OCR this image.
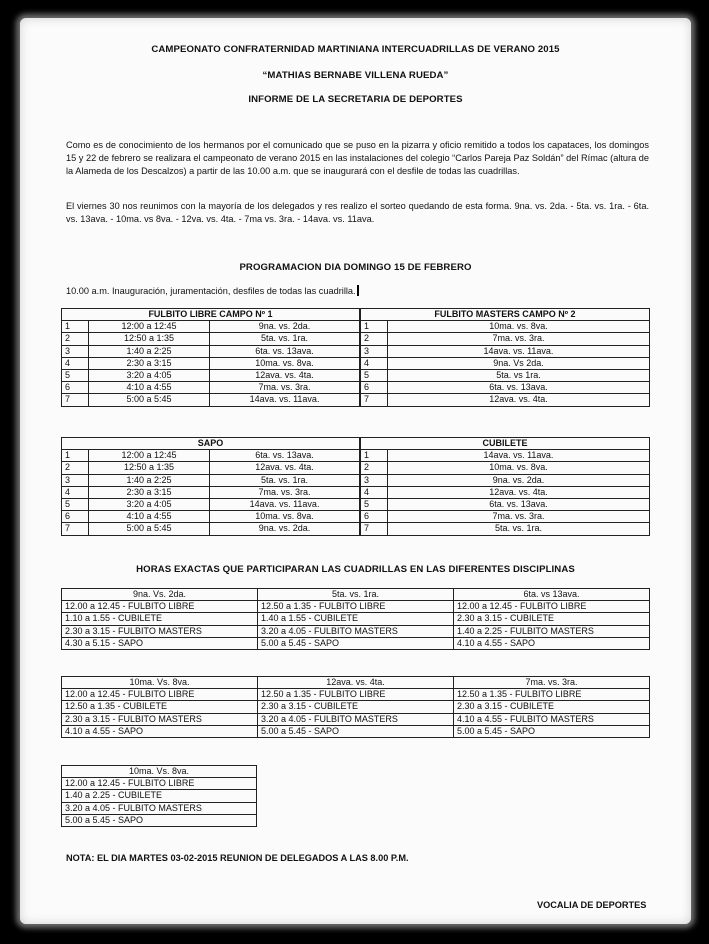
CAMPEONATO CONFRATERNIDAD MARTINIANA INTERCUADRILLAS DE VERANO 2015
“MATHIAS BERNABE VILLENA RUEDA”
INFORME DE LA SECRETARIA DE DEPORTES
Como es de conocimiento de los hermanos por el comunicado que se puso en la pizarra y oficio remitido a todos los capataces, los domingos 15 y 22 de febrero se realizara el campeonato de verano 2015 en las instalaciones del colegio “Carlos Pareja Paz Soldán” del Rímac (altura de la Alameda de los Descalzos) a partir de las 10.00 a.m. que se inaugurará con el desfile de todas las cuadrillas.
El viernes 30 nos reunimos con la mayoría de los delegados y res realizo el sorteo quedando de esta forma. 9na. vs. 2da. - 5ta. vs. 1ra. - 6ta. vs. 13ava. - 10ma. vs 8va. - 12va. vs. 4ta. - 7ma vs. 3ra. - 14ava. vs. 11ava.
PROGRAMACION DIA DOMINGO 15 DE FEBRERO
10.00 a.m. Inauguración, juramentación, desfiles de todas las cuadrilla.
FULBITO LIBRE CAMPO Nº 1		
1	12:00 a 12:45	9na. vs. 2da.
2	12:50 a 1:35	5ta. vs. 1ra.
3	1:40 a 2:25	6ta. vs. 13ava.
4	2:30 a 3:15	10ma. vs. 8va.
5	3:20 a 4:05	12ava. vs. 4ta.
6	4:10 a 4:55	7ma. vs. 3ra.
7	5:00 a 5:45	14ava. vs. 11ava.
FULBITO MASTERS CAMPO Nº 2	
1	10ma. vs. 8va.
2	7ma. vs. 3ra.
3	14ava. vs. 11ava.
4	9na. Vs 2da.
5	5ta. vs 1ra.
6	6ta. vs. 13ava.
7	12ava. vs. 4ta.
SAPO		
1	12:00 a 12:45	6ta. vs. 13ava.
2	12:50 a 1:35	12ava. vs. 4ta.
3	1:40 a 2:25	5ta. vs. 1ra.
4	2:30 a 3:15	7ma. vs. 3ra.
5	3:20 a 4:05	14ava. vs. 11ava.
6	4:10 a 4:55	10ma. vs. 8va.
7	5:00 a 5:45	9na. vs. 2da.
CUBILETE	
1	14ava. vs. 11ava.
2	10ma. vs. 8va.
3	9na. vs. 2da.
4	12ava. vs. 4ta.
5	6ta. vs. 13ava.
6	7ma. vs. 3ra.
7	5ta. vs. 1ra.
HORAS EXACTAS QUE PARTICIPARAN LAS CUADRILLAS EN LAS DIFERENTES DISCIPLINAS
9na. Vs. 2da.	5ta. vs. 1ra.	6ta. vs 13ava.
12.00 a 12.45 - FULBITO LIBRE	12.50 a 1.35 - FULBITO LIBRE	12.00 a 12.45 - FULBITO LIBRE
1.10 a 1.55 - CUBILETE	1.40 a 1.55 - CUBILETE	2.30 a 3.15 - CUBILETE
2.30 a 3.15 - FULBITO MASTERS	3.20 a 4.05 - FULBITO MASTERS	1.40 a 2.25 - FULBITO MASTERS
4.30 a 5.15 - SAPO	5.00 a 5.45 - SAPO	4.10 a 4.55 - SAPO
10ma. Vs. 8va.	12ava. vs. 4ta.	7ma. vs. 3ra.
12.00 a 12.45 - FULBITO LIBRE	12.50 a 1.35 - FULBITO LIBRE	12.50 a 1.35 - FULBITO LIBRE
12.50 a 1.35 - CUBILETE	2.30 a 3.15 - CUBILETE	2.30 a 3.15 - CUBILETE
2.30 a 3.15 - FULBITO MASTERS	3.20 a 4.05 - FULBITO MASTERS	4.10 a 4.55 - FULBITO MASTERS
4.10 a 4.55 - SAPO	5.00 a 5.45 - SAPO	5.00 a 5.45 - SAPO
10ma. Vs. 8va.
12.00 a 12.45 - FULBITO LIBRE
1.40 a 2.25 - CUBILETE
3.20 a 4.05 - FULBITO MASTERS
5.00 a 5.45 - SAPO
NOTA: EL DIA MARTES 03-02-2015 REUNION DE DELEGADOS A LAS 8.00 P.M.
VOCALIA DE DEPORTES
